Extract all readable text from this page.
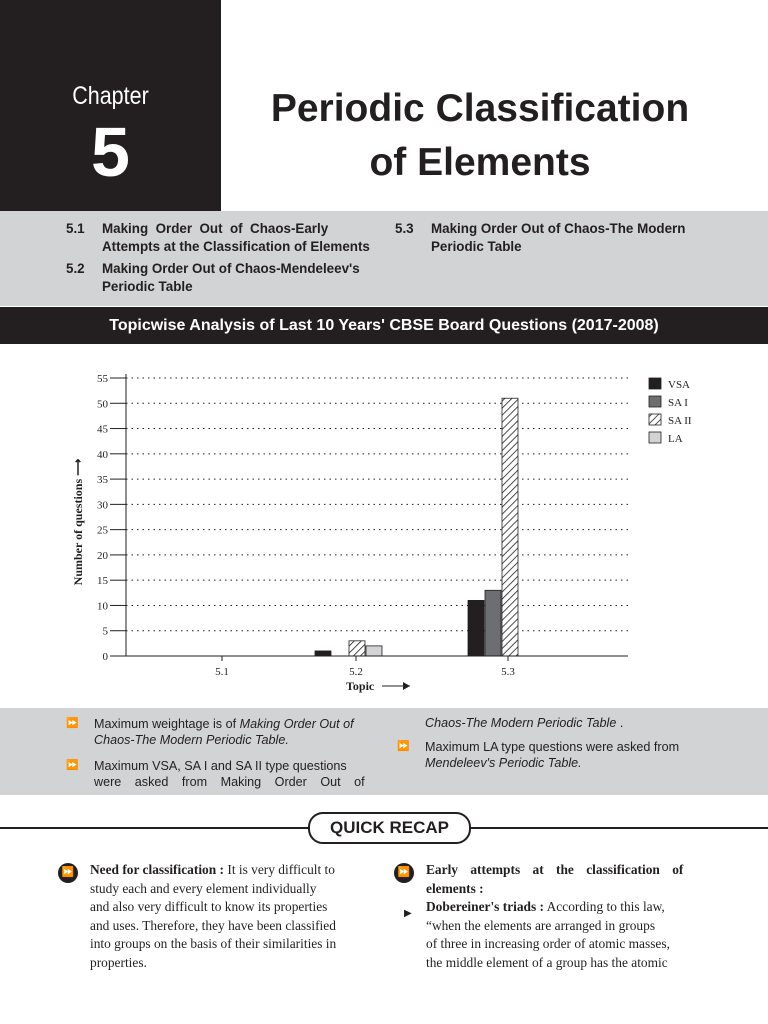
Chapter
5
Periodic Classification
of Elements
5.1 Making  Order  Out  of  Chaos-Early
Attempts at the Classification of Elements
5.2 Making Order Out of Chaos-Mendeleev's
Periodic Table
5.3 Making Order Out of Chaos-The Modern
Periodic Table
Topicwise Analysis of Last 10 Years' CBSE Board Questions (2017-2008)
0
5
10
15
20
25
30
35
40
45
50
55
5.1	5.2	5.3
Number of questions ⟶
Topic
VSA
SA I
SA II
LA
⏩ Maximum weightage is of Making Order Out of
Chaos-The Modern Periodic Table.
⏩ Maximum VSA, SA I and SA II type questions
were asked from Making Order Out of
Chaos-The Modern Periodic Table .
⏩ Maximum LA type questions were asked from
Mendeleev's Periodic Table.
QUICK RECAP
⏩ Need for classification : It is very difficult to
study each and every element individually
and also very difficult to know its properties
and uses. Therefore, they have been classified
into groups on the basis of their similarities in
properties.
⏩ Early attempts at the classification of
elements :
Dobereiner's triads : According to this law,
“when the elements are arranged in groups
of three in increasing order of atomic masses,
the middle element of a group has the atomic
▶
